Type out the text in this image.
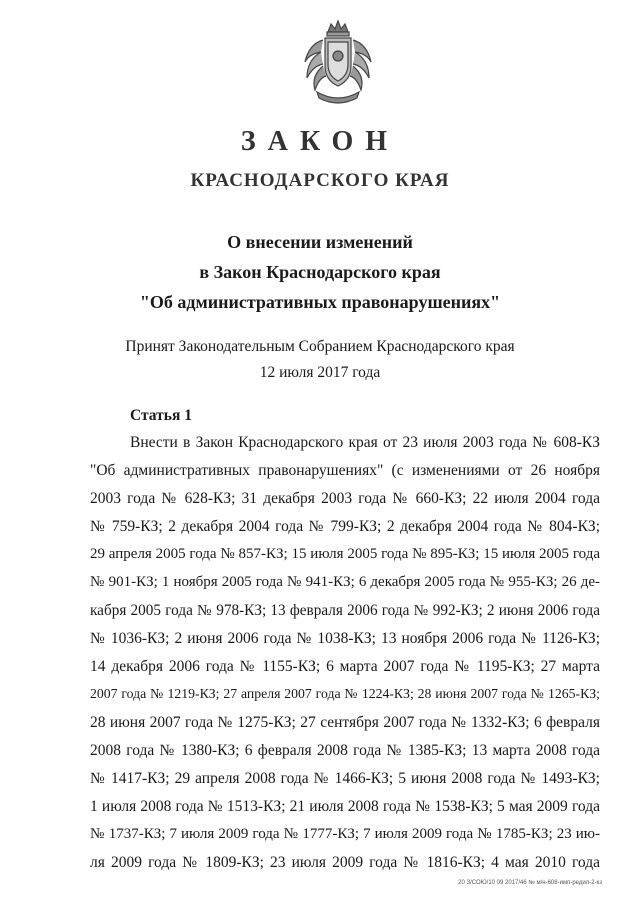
ЗАКОН
КРАСНОДАРСКОГО КРАЯ
О внесении изменений
в Закон Краснодарского края
"Об административных правонарушениях"
Принят Законодательным Собранием Краснодарского края
12 июля 2017 года
Статья 1
Внести в Закон Краснодарского края от 23 июля 2003 года № 608-КЗ
"Об административных правонарушениях" (с изменениями от 26 ноября
2003 года № 628-КЗ; 31 декабря 2003 года № 660-КЗ; 22 июля 2004 года
№ 759-КЗ; 2 декабря 2004 года № 799-КЗ; 2 декабря 2004 года № 804-КЗ;
29 апреля 2005 года № 857-КЗ; 15 июля 2005 года № 895-КЗ; 15 июля 2005 года
№ 901-КЗ; 1 ноября 2005 года № 941-КЗ; 6 декабря 2005 года № 955-КЗ; 26 де-
кабря 2005 года № 978-КЗ; 13 февраля 2006 года № 992-КЗ; 2 июня 2006 года
№ 1036-КЗ; 2 июня 2006 года № 1038-КЗ; 13 ноября 2006 года № 1126-КЗ;
14 декабря 2006 года № 1155-КЗ; 6 марта 2007 года № 1195-КЗ; 27 марта
2007 года № 1219-КЗ; 27 апреля 2007 года № 1224-КЗ; 28 июня 2007 года № 1265-КЗ;
28 июня 2007 года № 1275-КЗ; 27 сентября 2007 года № 1332-КЗ; 6 февраля
2008 года № 1380-КЗ; 6 февраля 2008 года № 1385-КЗ; 13 марта 2008 года
№ 1417-КЗ; 29 апреля 2008 года № 1466-КЗ; 5 июня 2008 года № 1493-КЗ;
1 июля 2008 года № 1513-КЗ; 21 июля 2008 года № 1538-КЗ; 5 мая 2009 года
№ 1737-КЗ; 7 июля 2009 года № 1777-КЗ; 7 июля 2009 года № 1785-КЗ; 23 ию-
ля 2009 года № 1809-КЗ; 23 июля 2009 года № 1816-КЗ; 4 мая 2010 года
20 З/СОЮ/10 09 2017/46 № м/н-608-имп-редил-2-кз
